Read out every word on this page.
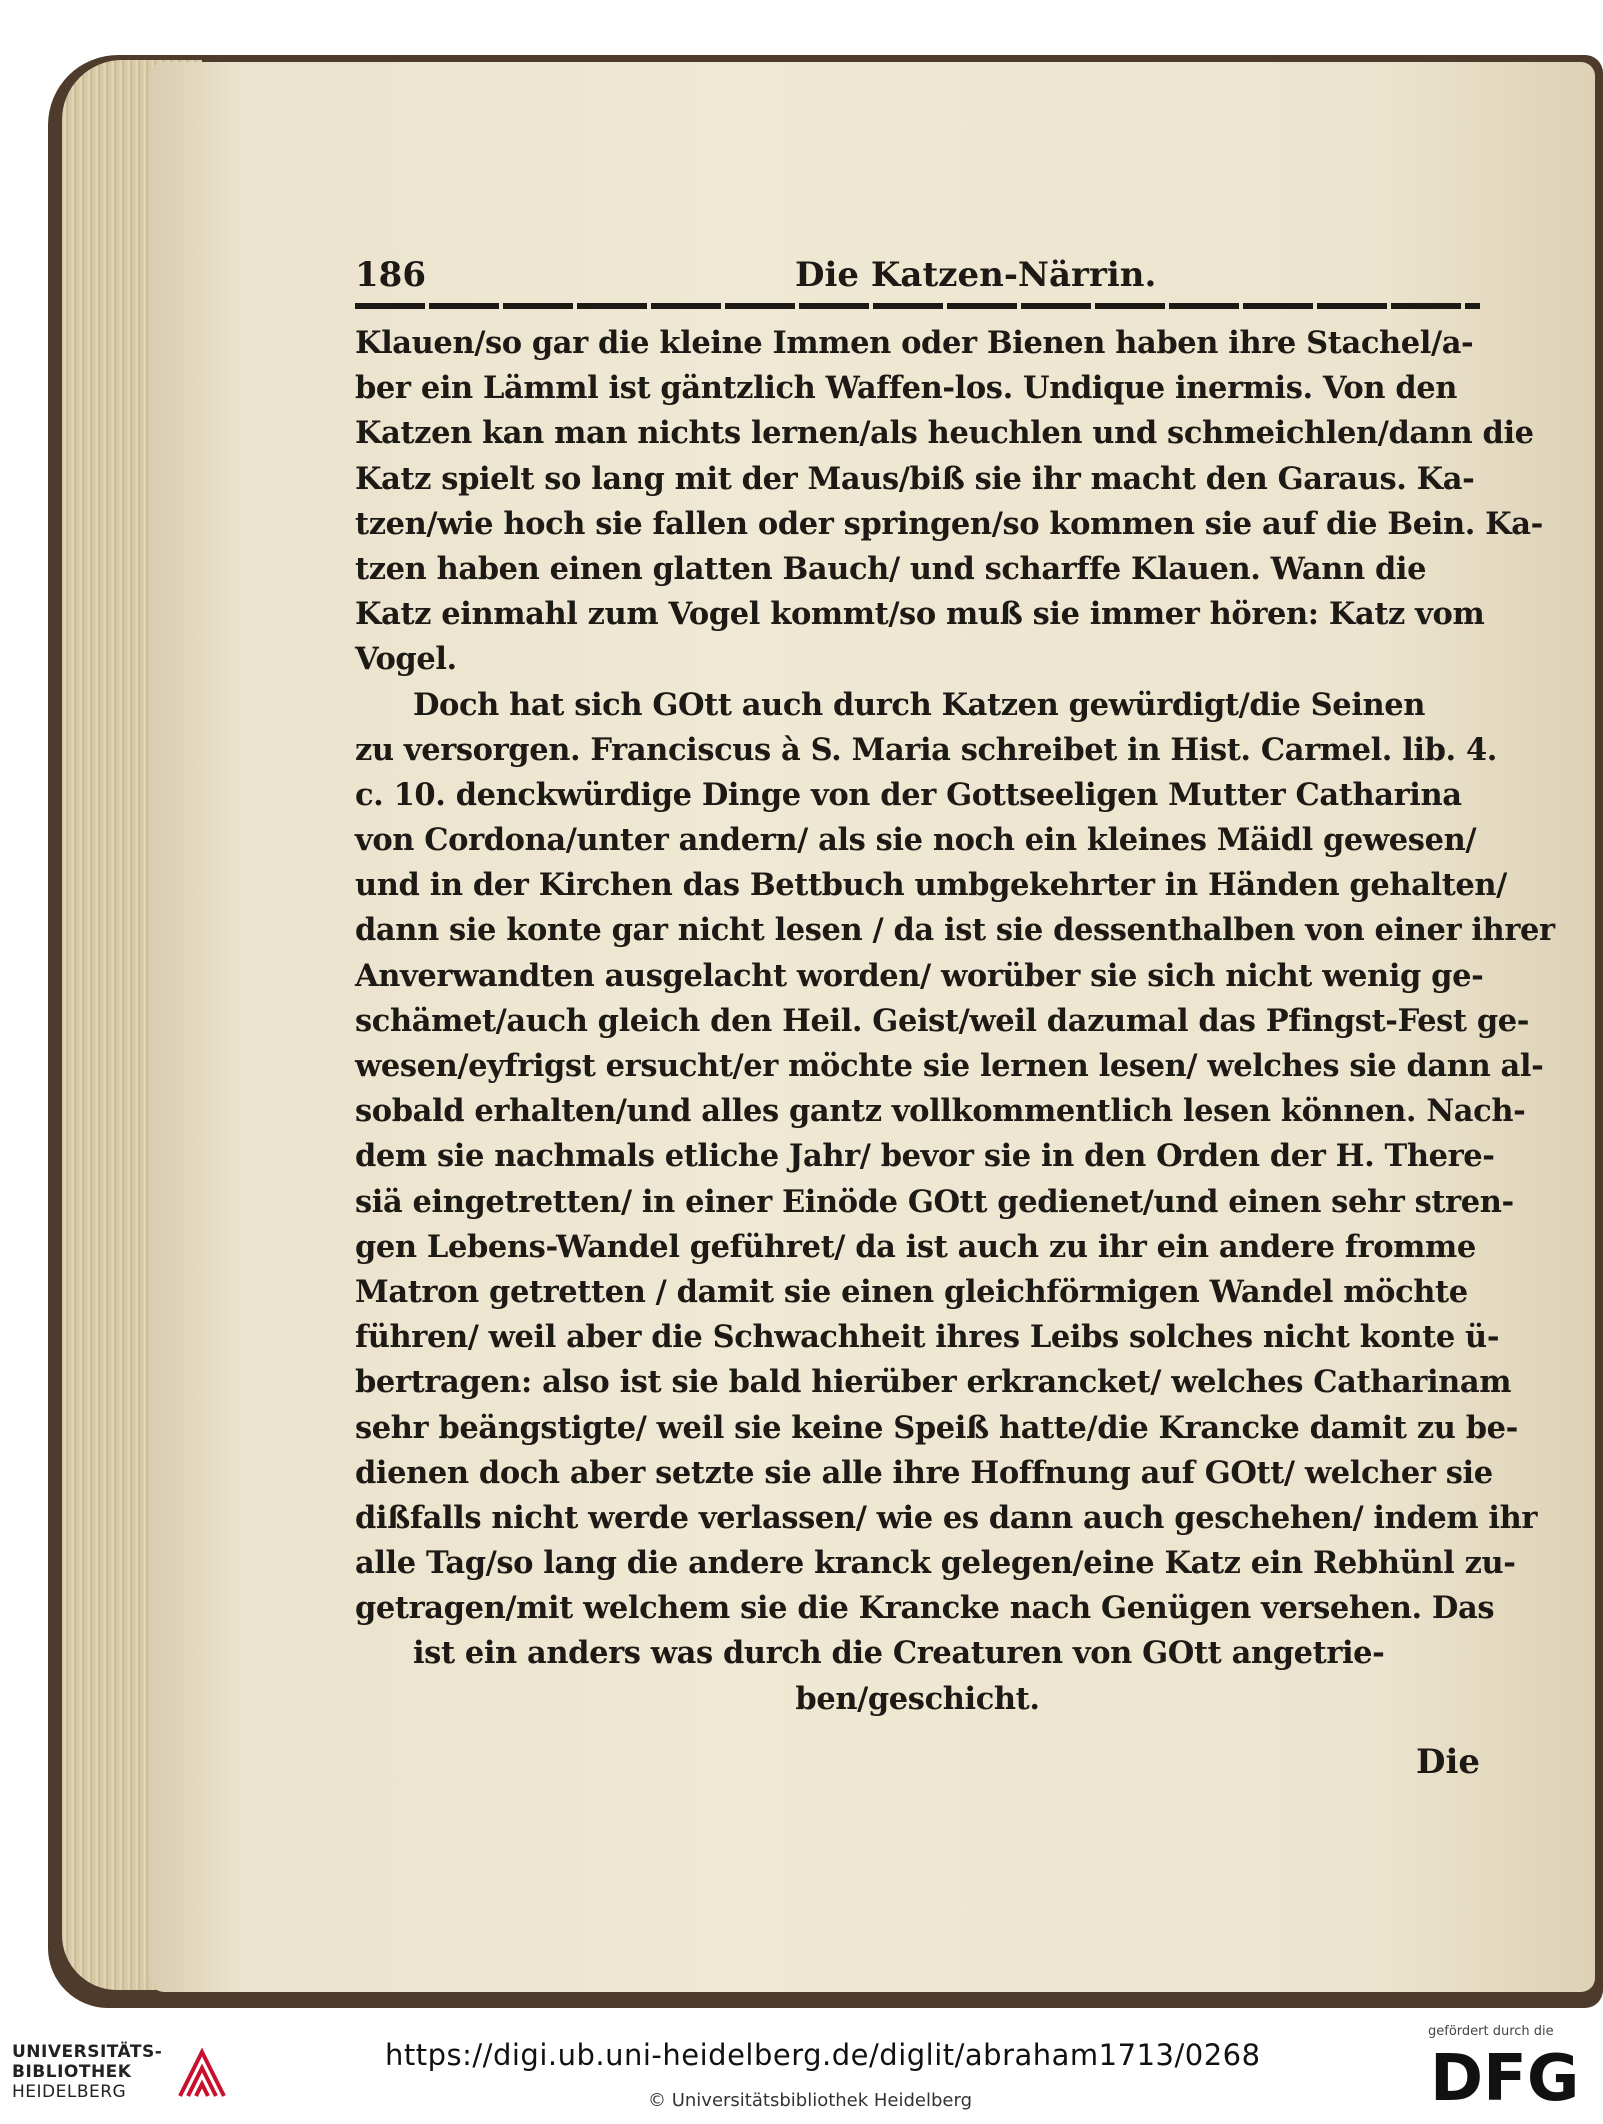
186	Die Katzen-Närrin.
Klauen/so gar die kleine Immen oder Bienen haben ihre Stachel/a-
ber ein Lämml ist gäntzlich Waffen-los. Undique inermis. Von den
Katzen kan man nichts lernen/als heuchlen und schmeichlen/dann die
Katz spielt so lang mit der Maus/biß sie ihr macht den Garaus. Ka-
tzen/wie hoch sie fallen oder springen/so kommen sie auf die Bein. Ka-
tzen haben einen glatten Bauch/ und scharffe Klauen. Wann die
Katz einmahl zum Vogel kommt/so muß sie immer hören: Katz vom
Vogel.
Doch hat sich GOtt auch durch Katzen gewürdigt/die Seinen
zu versorgen. Franciscus à S. Maria schreibet in Hist. Carmel. lib. 4.
c. 10. denckwürdige Dinge von der Gottseeligen Mutter Catharina
von Cordona/unter andern/ als sie noch ein kleines Mäidl gewesen/
und in der Kirchen das Bettbuch umbgekehrter in Händen gehalten/
dann sie konte gar nicht lesen / da ist sie dessenthalben von einer ihrer
Anverwandten ausgelacht worden/ worüber sie sich nicht wenig ge-
schämet/auch gleich den Heil. Geist/weil dazumal das Pfingst-Fest ge-
wesen/eyfrigst ersucht/er möchte sie lernen lesen/ welches sie dann al-
sobald erhalten/und alles gantz vollkommentlich lesen können. Nach-
dem sie nachmals etliche Jahr/ bevor sie in den Orden der H. There-
siä eingetretten/ in einer Einöde GOtt gedienet/und einen sehr stren-
gen Lebens-Wandel geführet/ da ist auch zu ihr ein andere fromme
Matron getretten / damit sie einen gleichförmigen Wandel möchte
führen/ weil aber die Schwachheit ihres Leibs solches nicht konte ü-
bertragen: also ist sie bald hierüber erkrancket/ welches Catharinam
sehr beängstigte/ weil sie keine Speiß hatte/die Krancke damit zu be-
dienen doch aber setzte sie alle ihre Hoffnung auf GOtt/ welcher sie
dißfalls nicht werde verlassen/ wie es dann auch geschehen/ indem ihr
alle Tag/so lang die andere kranck gelegen/eine Katz ein Rebhünl zu-
getragen/mit welchem sie die Krancke nach Genügen versehen. Das
ist ein anders was durch die Creaturen von GOtt angetrie-
ben/geschicht.
Die
UNIVERSITÄTS-
BIBLIOTHEK
HEIDELBERG
https://digi.ub.uni-heidelberg.de/diglit/abraham1713/0268
© Universitätsbibliothek Heidelberg
gefördert durch die
DFG
